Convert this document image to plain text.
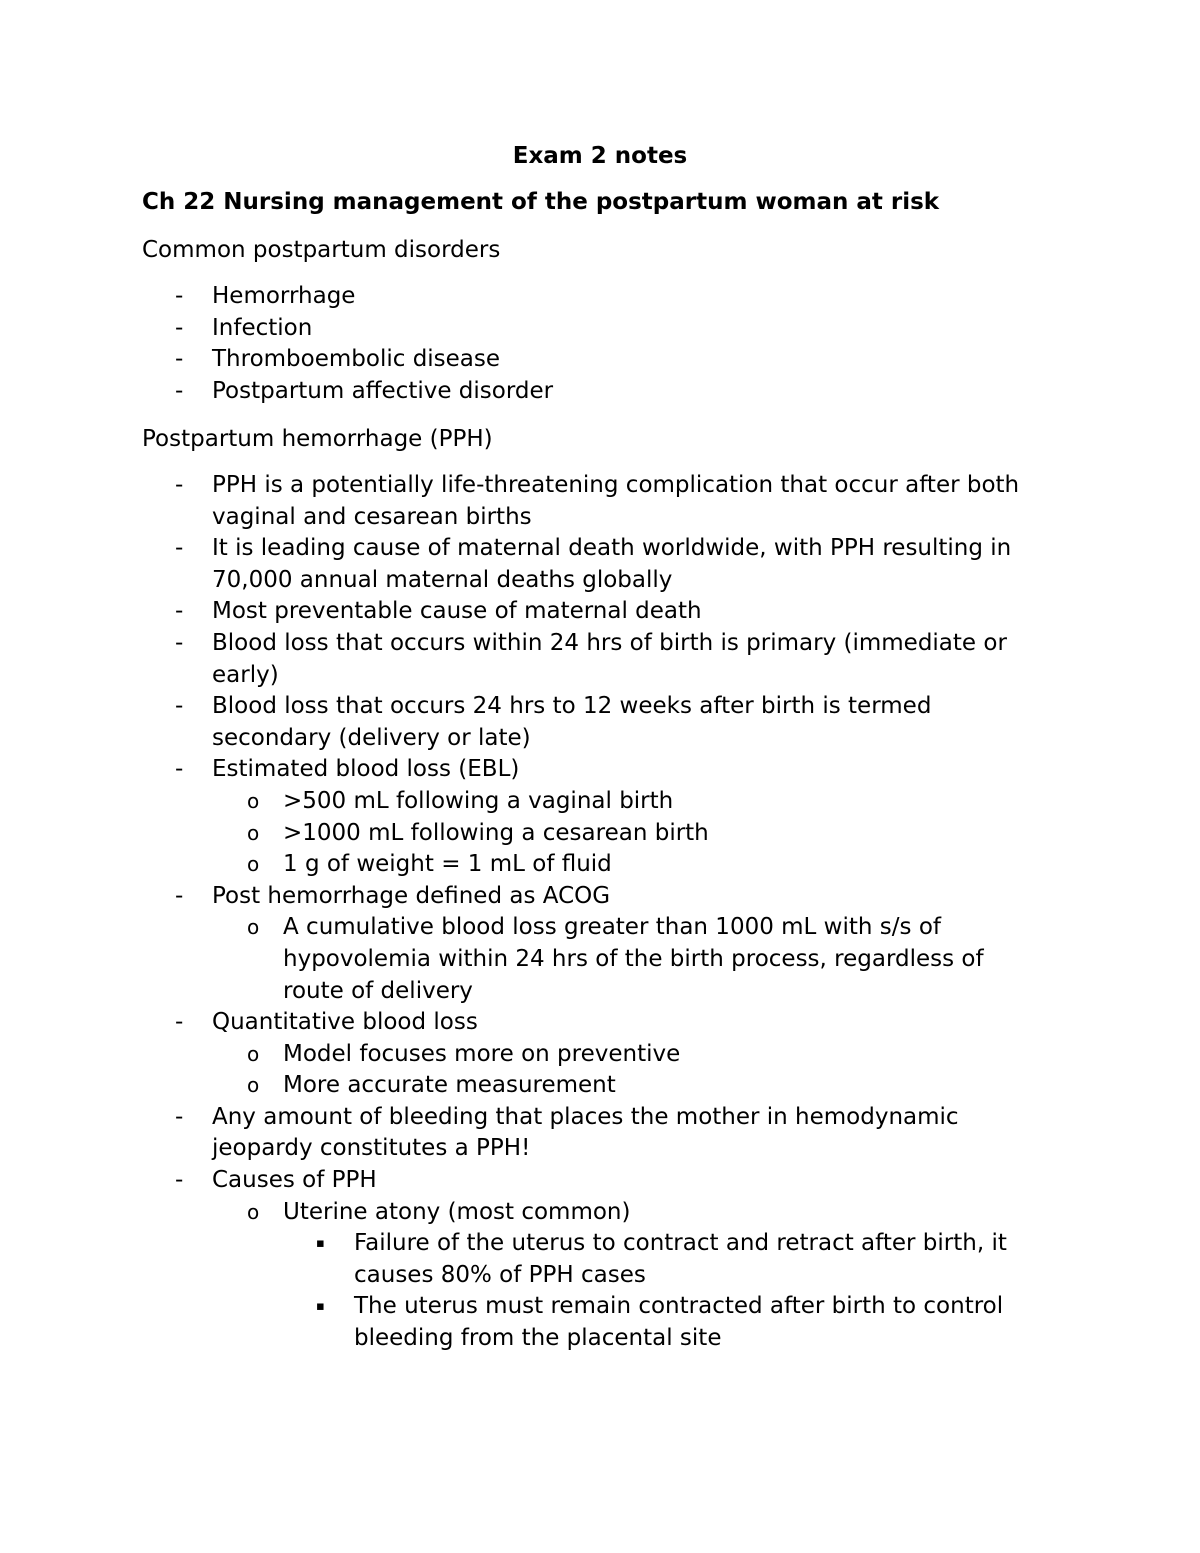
Exam 2 notes
Ch 22 Nursing management of the postpartum woman at risk
Common postpartum disorders
- Hemorrhage
- Infection
- Thromboembolic disease
- Postpartum affective disorder
Postpartum hemorrhage (PPH)
- PPH is a potentially life-threatening complication that occur after both
vaginal and cesarean births
- It is leading cause of maternal death worldwide, with PPH resulting in
70,000 annual maternal deaths globally
- Most preventable cause of maternal death
- Blood loss that occurs within 24 hrs of birth is primary (immediate or
early)
- Blood loss that occurs 24 hrs to 12 weeks after birth is termed
secondary (delivery or late)
- Estimated blood loss (EBL)
o >500 mL following a vaginal birth
o >1000 mL following a cesarean birth
o 1 g of weight = 1 mL of fluid
- Post hemorrhage defined as ACOG
o A cumulative blood loss greater than 1000 mL with s/s of
hypovolemia within 24 hrs of the birth process, regardless of
route of delivery
- Quantitative blood loss
o Model focuses more on preventive
o More accurate measurement
- Any amount of bleeding that places the mother in hemodynamic
jeopardy constitutes a PPH!
- Causes of PPH
o Uterine atony (most common)
▪ Failure of the uterus to contract and retract after birth, it
causes 80% of PPH cases
▪ The uterus must remain contracted after birth to control
bleeding from the placental site
